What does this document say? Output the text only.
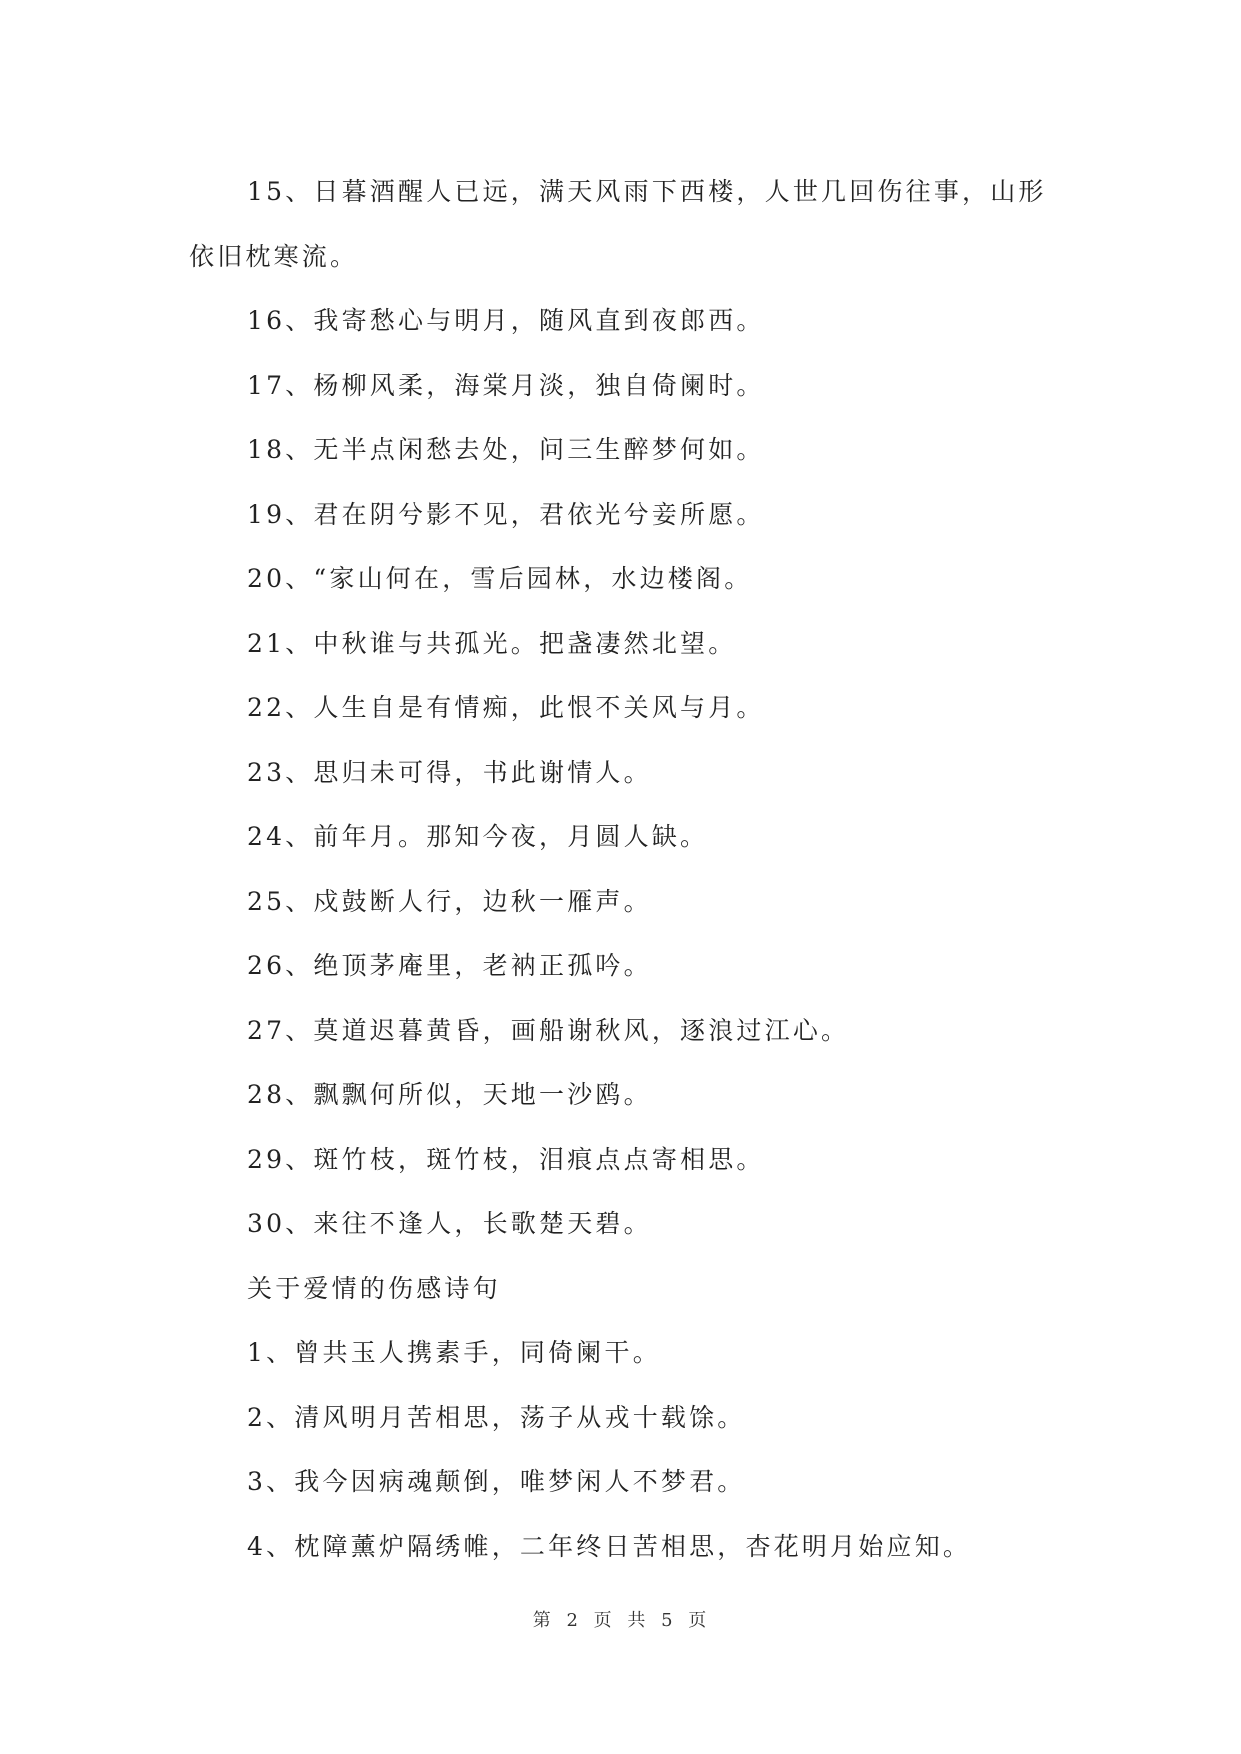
15、日暮酒醒人已远，满天风雨下西楼，人世几回伤往事，山形依旧枕寒流。

16、我寄愁心与明月，随风直到夜郎西。

17、杨柳风柔，海棠月淡，独自倚阑时。

18、无半点闲愁去处，问三生醉梦何如。

19、君在阴兮影不见，君依光兮妾所愿。

20、“家山何在，雪后园林，水边楼阁。

21、中秋谁与共孤光。把盏凄然北望。

22、人生自是有情痴，此恨不关风与月。

23、思归未可得，书此谢情人。

24、前年月。那知今夜，月圆人缺。

25、戍鼓断人行，边秋一雁声。

26、绝顶茅庵里，老衲正孤吟。

27、莫道迟暮黄昏，画船谢秋风，逐浪过江心。

28、飘飘何所似，天地一沙鸥。

29、斑竹枝，斑竹枝，泪痕点点寄相思。

30、来往不逢人，长歌楚天碧。

关于爱情的伤感诗句

1、曾共玉人携素手，同倚阑干。

2、清风明月苦相思，荡子从戎十载馀。

3、我今因病魂颠倒，唯梦闲人不梦君。

4、枕障薰炉隔绣帷，二年终日苦相思，杏花明月始应知。

第 2 页 共 5 页
